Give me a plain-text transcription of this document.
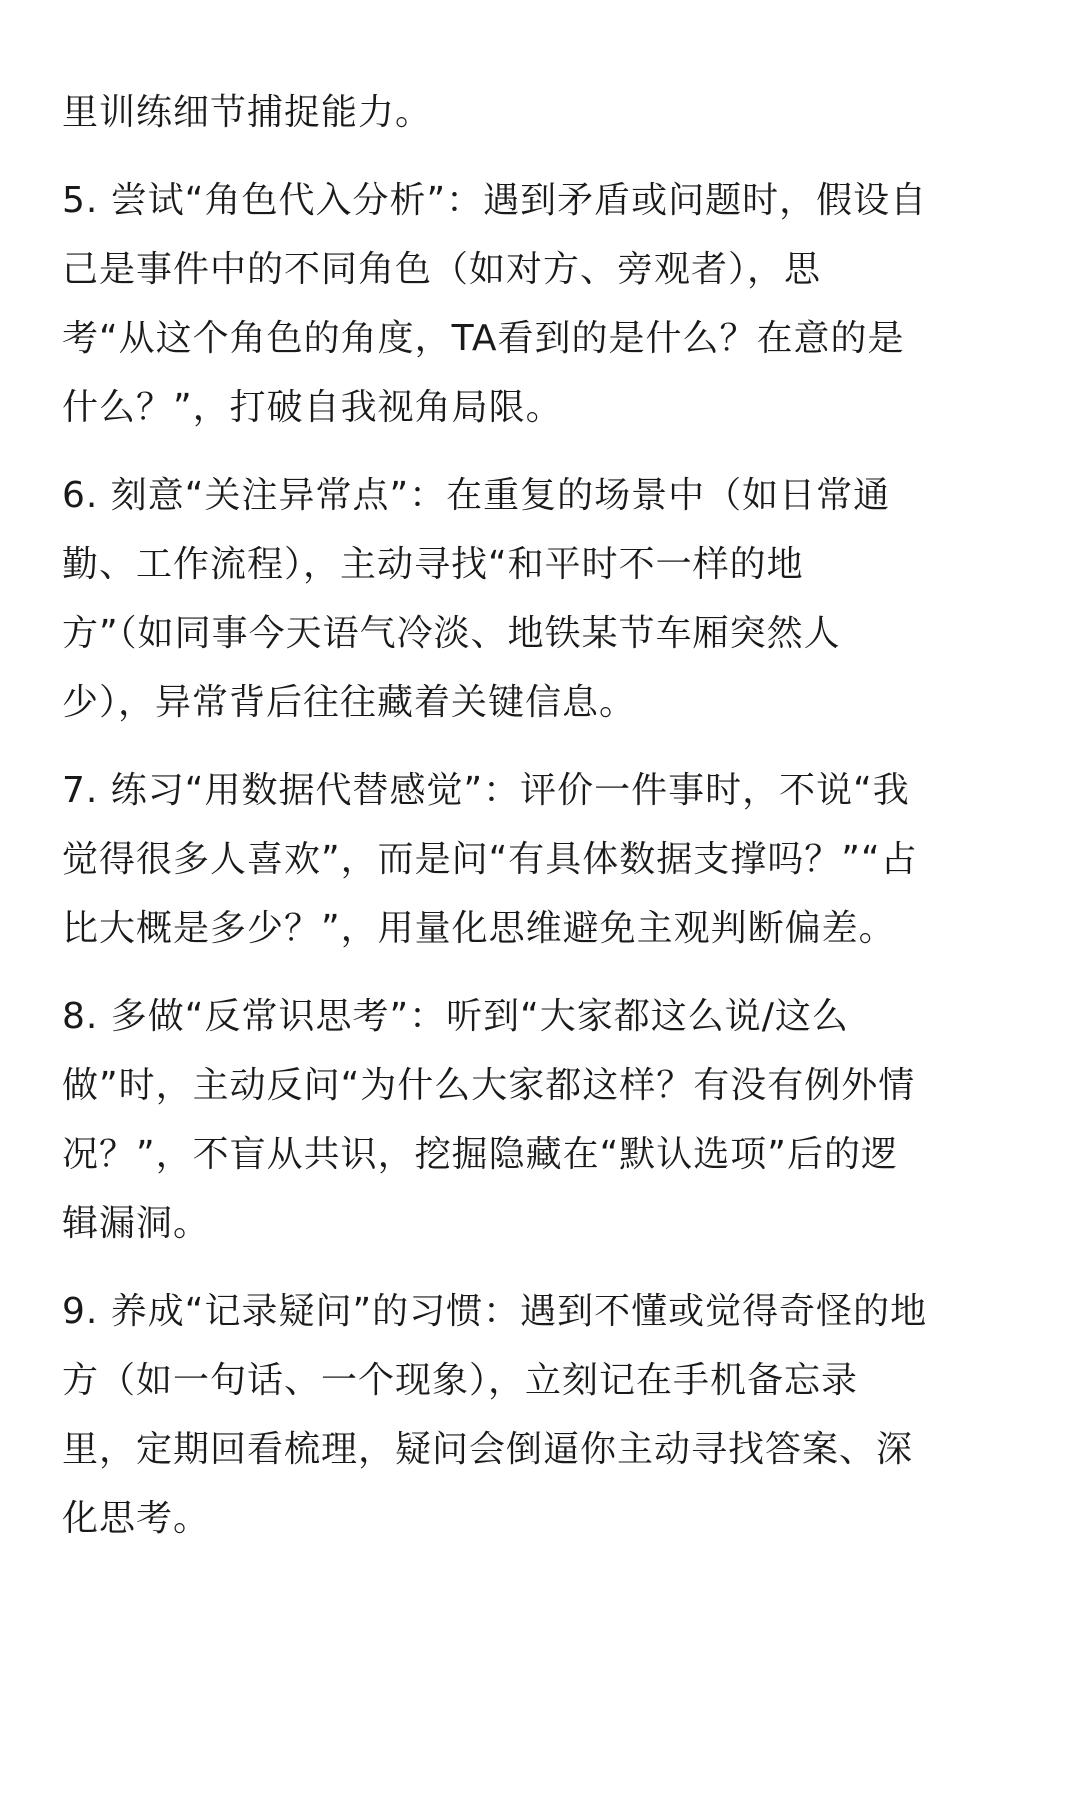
里训练细节捕捉能力。

5. 尝试“角色代入分析”：遇到矛盾或问题时，假设自
己是事件中的不同角色（如对方、旁观者），思
考“从这个角色的角度，TA看到的是什么？在意的是
什么？”，打破自我视角局限。

6. 刻意“关注异常点”：在重复的场景中（如日常通
勤、工作流程），主动寻找“和平时不一样的地
方”（如同事今天语气冷淡、地铁某节车厢突然人
少），异常背后往往藏着关键信息。

7. 练习“用数据代替感觉”：评价一件事时，不说“我
觉得很多人喜欢”，而是问“有具体数据支撑吗？”“占
比大概是多少？”，用量化思维避免主观判断偏差。

8. 多做“反常识思考”：听到“大家都这么说/这么
做”时，主动反问“为什么大家都这样？有没有例外情
况？”，不盲从共识，挖掘隐藏在“默认选项”后的逻
辑漏洞。

9. 养成“记录疑问”的习惯：遇到不懂或觉得奇怪的地
方（如一句话、一个现象），立刻记在手机备忘录
里，定期回看梳理，疑问会倒逼你主动寻找答案、深
化思考。
